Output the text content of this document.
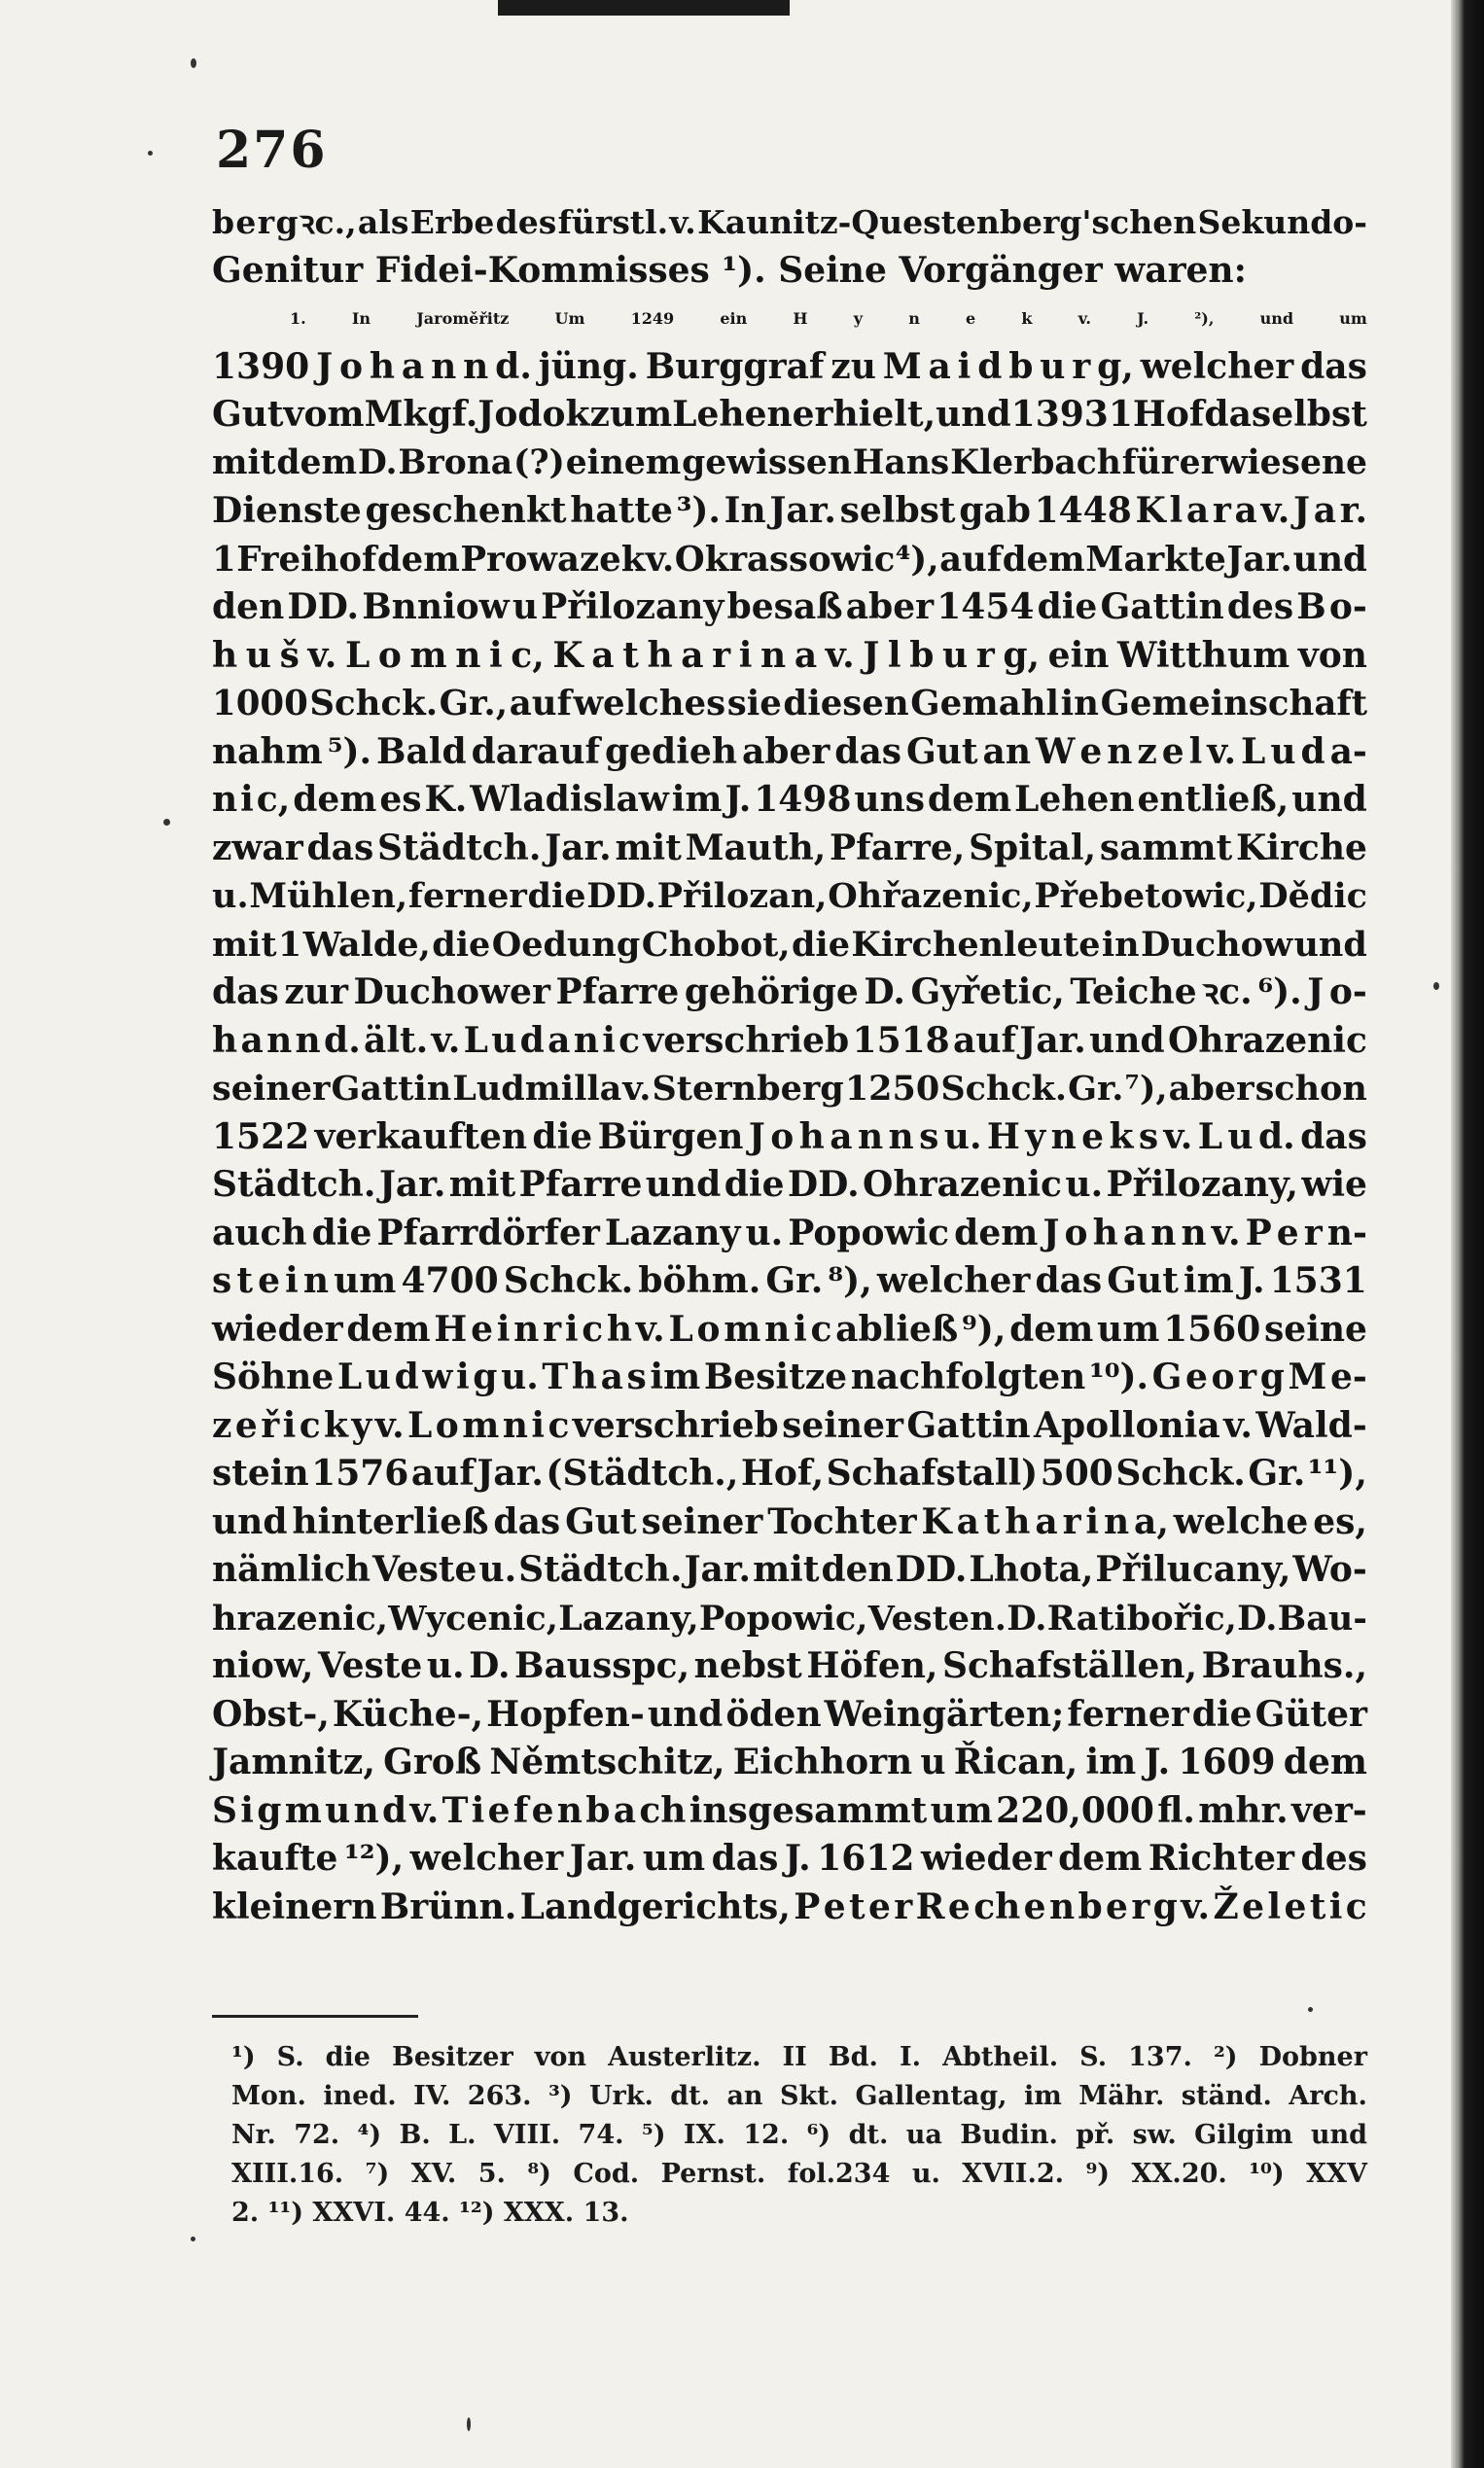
276
b e r g ꝛc., als Erbe des fürstl. v. Kaunitz-Questenberg'schen Sekundo-
Genitur Fidei-Kommisses ¹). Seine Vorgänger waren:
1.	In	Jaroměřitz	Um	1249	ein	H	y	n	e	k	v.	J.	²),	und	um
1390 J o h a n n d. jüng. Burggraf zu M a i d b u r g, welcher das
Gut vom Mkgf. Jodok zum Lehen erhielt, und 1393 1 Hof daselbst
mit dem D. Brona (?) einem gewissen Hans Klerbach für erwiesene
Dienste geschenkt hatte ³). In Jar. selbst gab 1448 K l a r a v. J a r.
1 Freihof dem Prowazek v. Okrassowic ⁴), auf dem Markte Jar. und
den DD. Bnniow u Přilozany besaß aber 1454 die Gattin des B o-
h u š v. L o m n i c, K a t h a r i n a v. J l b u r g, ein Witthum von
1000 Schck. Gr., auf welches sie diesen Gemahl in Gemeinschaft
nahm ⁵). Bald darauf gedieh aber das Gut an W e n z e l v. L u d a-
n i c, dem es K. Wladislaw im J. 1498 uns dem Lehen entließ, und
zwar das Städtch. Jar. mit Mauth, Pfarre, Spital, sammt Kirche
u. Mühlen, ferner die DD. Přilozan, Ohřazenic, Přebetowic, Dědic
mit 1 Walde, die Oedung Chobot, die Kirchenleute in Duchow und
das zur Duchower Pfarre gehörige D. Gyřetic, Teiche ꝛc. ⁶). J o-
h a n n d. ält. v. L u d a n i c verschrieb 1518 auf Jar. und Ohrazenic
seiner Gattin Ludmilla v. Sternberg 1250 Schck. Gr. ⁷), aber schon
1522 verkauften die Bürgen J o h a n n s u. H y n e k s v. L u d. das
Städtch. Jar. mit Pfarre und die DD. Ohrazenic u. Přilozany, wie
auch die Pfarrdörfer Lazany u. Popowic dem J o h a n n v. P e r n-
s t e i n um 4700 Schck. böhm. Gr. ⁸), welcher das Gut im J. 1531
wieder dem H e i n r i c h v. L o m n i c abließ ⁹), dem um 1560 seine
Söhne L u d w i g u. T h a s im Besitze nachfolgten ¹⁰). G e o r g M e-
z e ř i c k y v. L o m n i c verschrieb seiner Gattin Apollonia v. Wald-
stein 1576 auf Jar. (Städtch., Hof, Schafstall) 500 Schck. Gr. ¹¹),
und hinterließ das Gut seiner Tochter K a t h a r i n a, welche es,
nämlich Veste u. Städtch. Jar. mit den DD. Lhota, Přilucany, Wo-
hrazenic, Wycenic, Lazany, Popowic, Veste n. D. Ratibořic, D. Bau-
niow, Veste u. D. Bausspc, nebst Höfen, Schafställen, Brauhs.,
Obst-, Küche-, Hopfen- und öden Weingärten; ferner die Güter
Jamnitz, Groß Němtschitz, Eichhorn u Řican, im J. 1609 dem
S i g m u n d v. T i e f e n b a ch insgesammt um 220,000 fl. mhr. ver-
kaufte ¹²), welcher Jar. um das J. 1612 wieder dem Richter des
kleinern Brünn. Landgerichts, P e t e r R e ch e n b e r g v. Ž e l e t i c
¹) S. die Besitzer von Austerlitz. II Bd. I. Abtheil. S. 137. ²) Dobner
Mon. ined. IV. 263. ³) Urk. dt. an Skt. Gallentag, im Mähr. ständ. Arch.
Nr. 72. ⁴) B. L. VIII. 74. ⁵) IX. 12. ⁶) dt. ua Budin. př. sw. Gilgim und
XIII.16. ⁷) XV. 5. ⁸) Cod. Pernst. fol.234 u. XVII.2. ⁹) XX.20. ¹⁰) XXV
2. ¹¹) XXVI. 44. ¹²) XXX. 13.
